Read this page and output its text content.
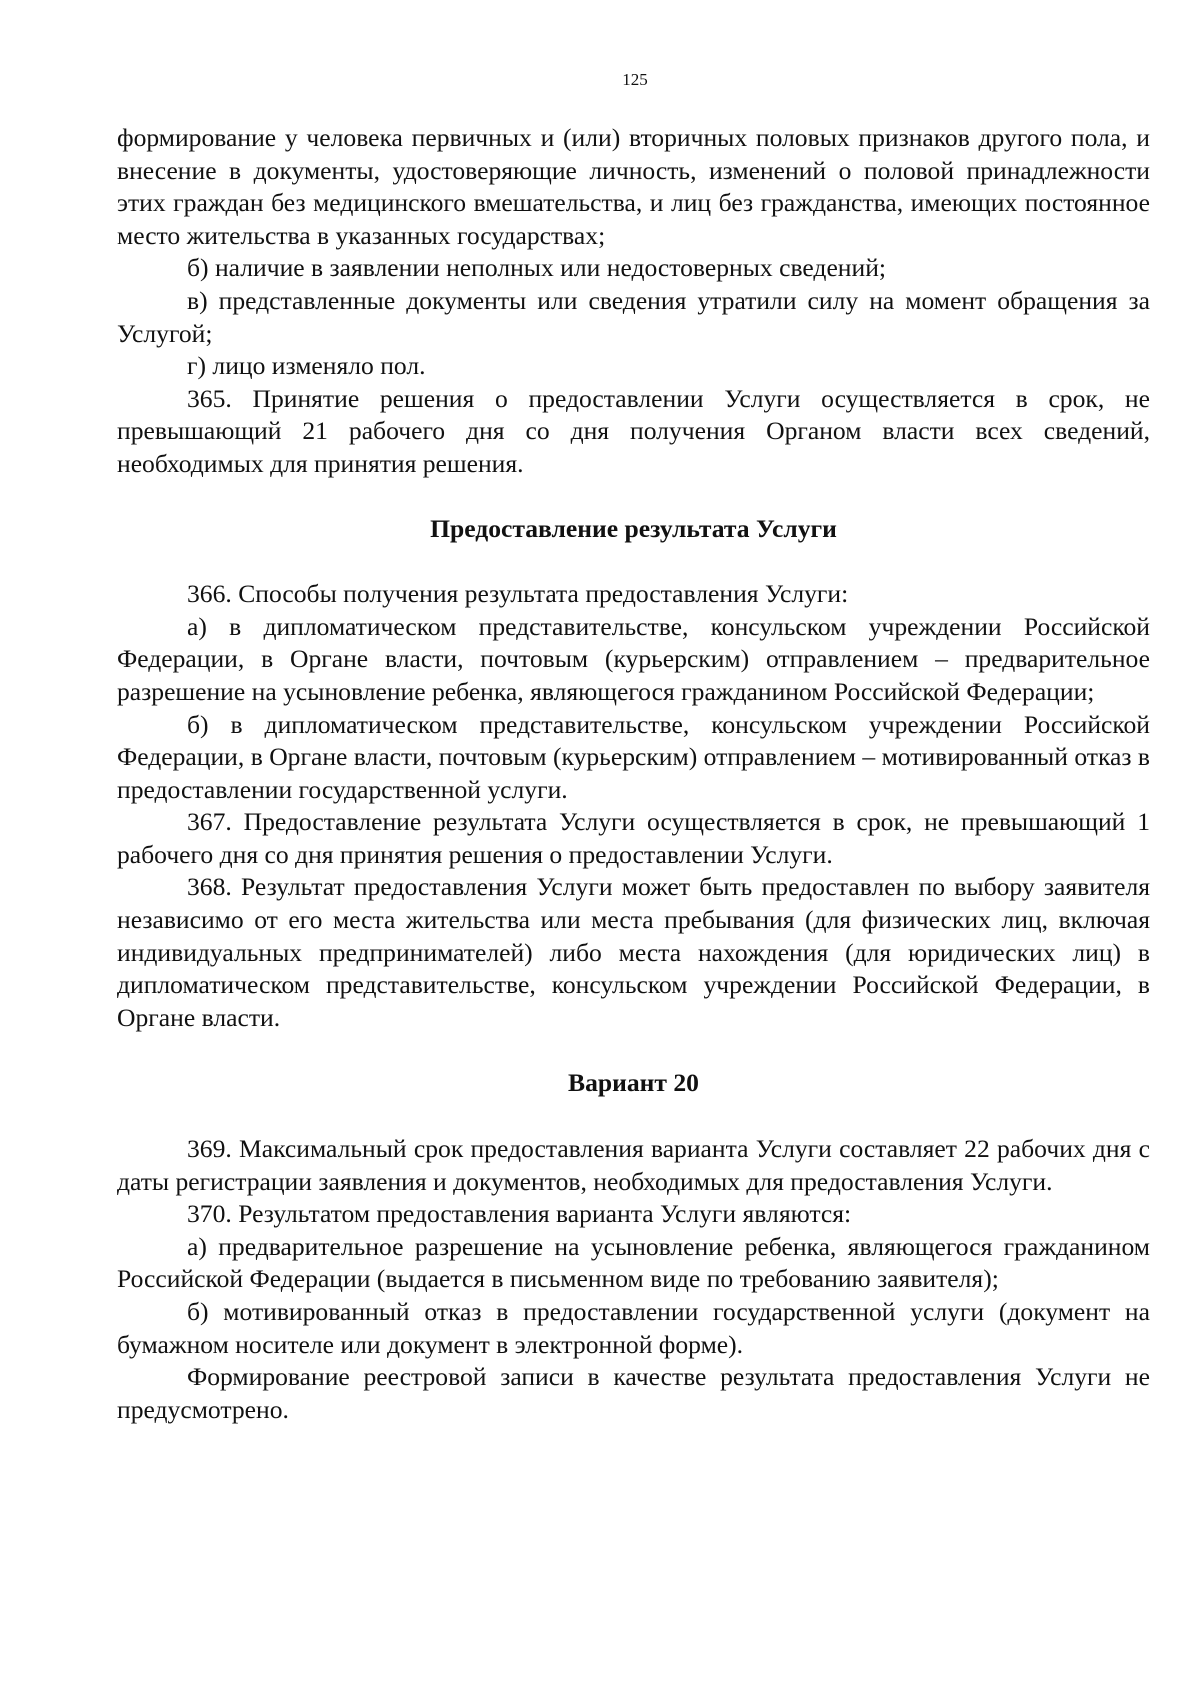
125

формирование у человека первичных и (или) вторичных половых признаков другого пола, и внесение в документы, удостоверяющие личность, изменений о половой принадлежности этих граждан без медицинского вмешательства, и лиц без гражданства, имеющих постоянное место жительства в указанных государствах;

б) наличие в заявлении неполных или недостоверных сведений;

в) представленные документы или сведения утратили силу на момент обращения за Услугой;

г) лицо изменяло пол.

365. Принятие решения о предоставлении Услуги осуществляется в срок, не превышающий 21 рабочего дня со дня получения Органом власти всех сведений, необходимых для принятия решения.

Предоставление результата Услуги

366. Способы получения результата предоставления Услуги:

а) в дипломатическом представительстве, консульском учреждении Российской Федерации, в Органе власти, почтовым (курьерским) отправлением – предварительное разрешение на усыновление ребенка, являющегося гражданином Российской Федерации;

б) в дипломатическом представительстве, консульском учреждении Российской Федерации, в Органе власти, почтовым (курьерским) отправлением – мотивированный отказ в предоставлении государственной услуги.

367. Предоставление результата Услуги осуществляется в срок, не превышающий 1 рабочего дня со дня принятия решения о предоставлении Услуги.

368. Результат предоставления Услуги может быть предоставлен по выбору заявителя независимо от его места жительства или места пребывания (для физических лиц, включая индивидуальных предпринимателей) либо места нахождения (для юридических лиц) в дипломатическом представительстве, консульском учреждении Российской Федерации, в Органе власти.

Вариант 20

369. Максимальный срок предоставления варианта Услуги составляет 22 рабочих дня с даты регистрации заявления и документов, необходимых для предоставления Услуги.

370. Результатом предоставления варианта Услуги являются:

а) предварительное разрешение на усыновление ребенка, являющегося гражданином Российской Федерации (выдается в письменном виде по требованию заявителя);

б) мотивированный отказ в предоставлении государственной услуги (документ на бумажном носителе или документ в электронной форме).

Формирование реестровой записи в качестве результата предоставления Услуги не предусмотрено.
